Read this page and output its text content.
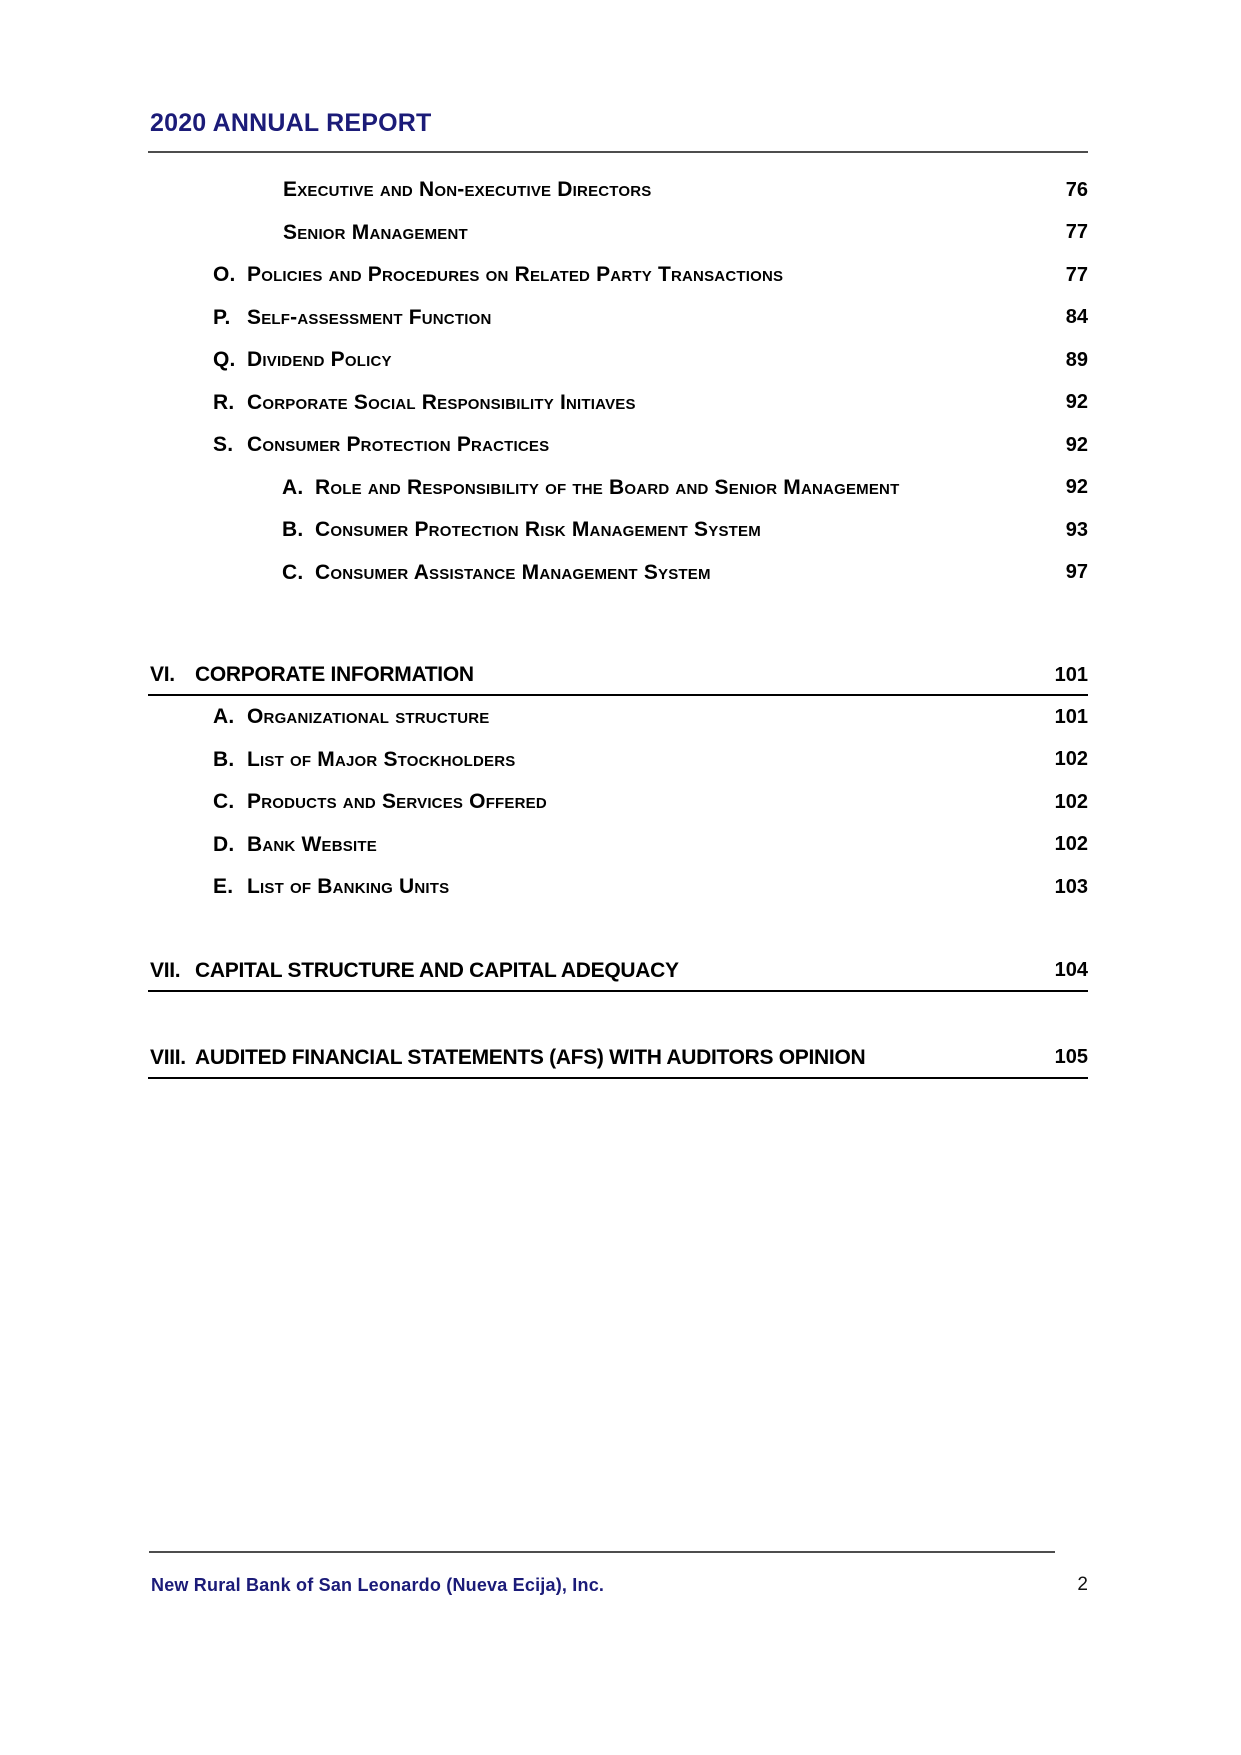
2020 ANNUAL REPORT
Executive and Non-executive Directors	76
Senior Management	77
O. Policies and Procedures on Related Party Transactions	77
P. Self-assessment Function	84
Q. Dividend Policy	89
R. Corporate Social Responsibility Initiaves	92
S. Consumer Protection Practices	92
A. Role and Responsibility of the Board and Senior Management	92
B. Consumer Protection Risk Management System	93
C. Consumer Assistance Management System	97
VI. CORPORATE INFORMATION	101
A. Organizational structure	101
B. List of Major Stockholders	102
C. Products and Services Offered	102
D. Bank Website	102
E. List of Banking Units	103
VII. CAPITAL STRUCTURE AND CAPITAL ADEQUACY	104
VIII. AUDITED FINANCIAL STATEMENTS (AFS) WITH AUDITORS OPINION	105
New Rural Bank of San Leonardo (Nueva Ecija), Inc.	2
